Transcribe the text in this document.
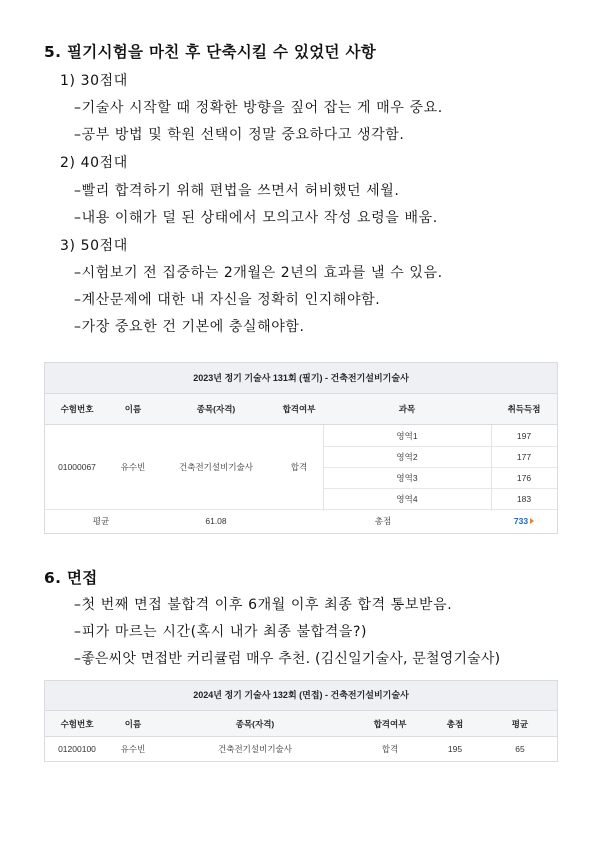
5. 필기시험을 마친 후 단축시킬 수 있었던 사항
1) 30점대
–기술사 시작할 때 정확한 방향을 짚어 잡는 게 매우 중요.
–공부 방법 및 학원 선택이 정말 중요하다고 생각함.
2) 40점대
–빨리 합격하기 위해 편법을 쓰면서 허비했던 세월.
–내용 이해가 덜 된 상태에서 모의고사 작성 요령을 배움.
3) 50점대
–시험보기 전 집중하는 2개월은 2년의 효과를 낼 수 있음.
–계산문제에 대한 내 자신을 정확히 인지해야함.
–가장 중요한 건 기본에 충실해야함.
2023년 정기 기술사 131회 (필기) - 건축전기설비기술사
수험번호	이름	종목(자격)	합격여부	과목	취득득점
01000067	유수빈	건축전기설비기술사	합격
영역1	197
영역2	177
영역3	176
영역4	183
평균	61.08	총점	733
6. 면접
–첫 번째 면접 불합격 이후 6개월 이후 최종 합격 통보받음.
–피가 마르는 시간(혹시 내가 최종 불합격을?)
–좋은씨앗 면접반 커리큘럼 매우 추천. (김신일기술사, 문철영기술사)
2024년 정기 기술사 132회 (면접) - 건축전기설비기술사
수험번호	이름	종목(자격)	합격여부	총점	평균
01200100	유수빈	건축전기설비기술사	합격	195	65
